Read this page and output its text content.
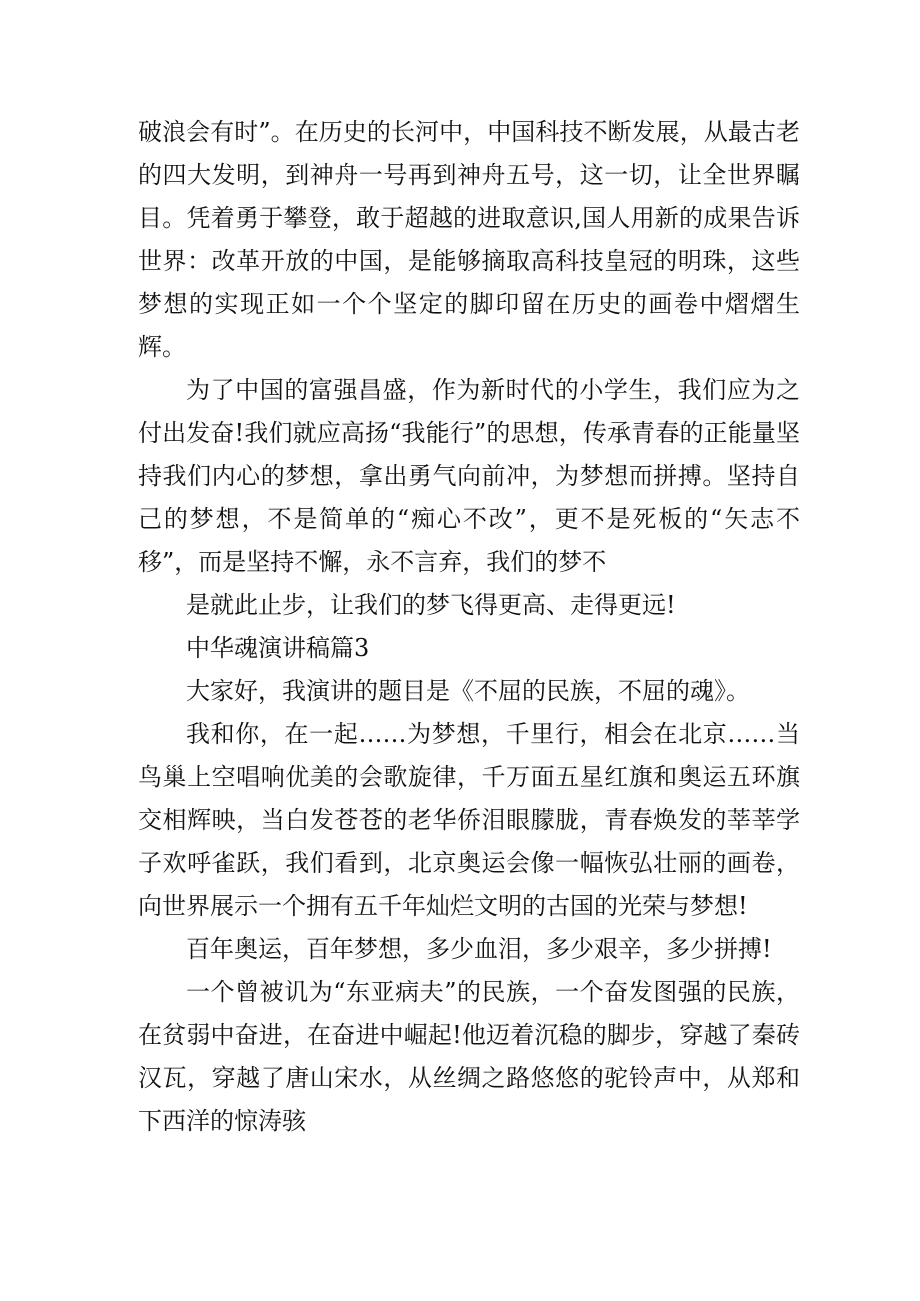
破浪会有时”。在历史的长河中，中国科技不断发展，从最古老的四大发明，到神舟一号再到神舟五号，这一切，让全世界瞩目。凭着勇于攀登，敢于超越的进取意识,国人用新的成果告诉世界：改革开放的中国，是能够摘取高科技皇冠的明珠，这些梦想的实现正如一个个坚定的脚印留在历史的画卷中熠熠生辉。

为了中国的富强昌盛，作为新时代的小学生，我们应为之付出发奋!我们就应高扬“我能行”的思想，传承青春的正能量坚持我们内心的梦想，拿出勇气向前冲，为梦想而拼搏。坚持自己的梦想，不是简单的“痴心不改”，更不是死板的“矢志不移”，而是坚持不懈，永不言弃，我们的梦不

是就此止步，让我们的梦飞得更高、走得更远!

中华魂演讲稿篇3

大家好，我演讲的题目是《不屈的民族，不屈的魂》。

我和你，在一起……为梦想，千里行，相会在北京……当鸟巢上空唱响优美的会歌旋律，千万面五星红旗和奥运五环旗交相辉映，当白发苍苍的老华侨泪眼朦胧，青春焕发的莘莘学子欢呼雀跃，我们看到，北京奥运会像一幅恢弘壮丽的画卷，向世界展示一个拥有五千年灿烂文明的古国的光荣与梦想!

百年奥运，百年梦想，多少血泪，多少艰辛，多少拼搏!

一个曾被讥为“东亚病夫”的民族，一个奋发图强的民族，在贫弱中奋进，在奋进中崛起!他迈着沉稳的脚步，穿越了秦砖汉瓦，穿越了唐山宋水，从丝绸之路悠悠的驼铃声中，从郑和下西洋的惊涛骇
